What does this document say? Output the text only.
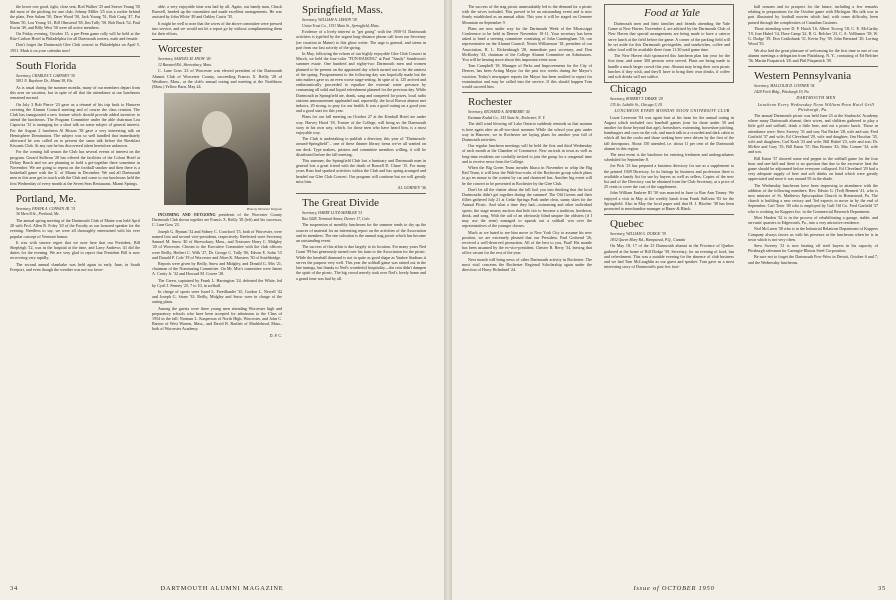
the lower row good, tight, close seat, Rod Walker '25 and Seaver Young '50 did most of the pitching for one club; Johnny Miller '25 was a rookie behind the plate, Pete Salam '50, Dave Wood '50, Jack Young '51, Bob Craig '47, Pat Mann '50, Lou Young '41, Bill Olmstead '38, Jim Tully '50, Bob Buck '52, Paul Erwin '49, and Billy West '50 were all active members.

On Friday evening, October 15, a pre-Penn game rally will be held at the Ritz-Carlton Hotel in Philadelphia for all Dartmouth rooters, male and female.

Don't forget the Dartmouth Glee Club concert in Philadelphia on April 5, 1951. Mark it on your calendar now!

South Florida

Secretary, CHARLES T. GARNSEY '30

5811 N. Bayshore Dr., Miami 38, Fla.

As is usual during the summer months, many of our members depart from this area on vacation, but in spite of all that the attendance at our luncheons remained normal.

On July 3 Bob Pierce '23 gave us a résumé of his trip back to Hanover covering the Alumni Council meeting and of course the class reunion. The Club has inaugurated a new feature which should provide added incentive to attend the luncheons. The Program Committee under the able chairman Lou Capoccia '31 is arranging for a short talk on some subject of general interest. For the August 2 luncheon Al Bisson '38 gave a very interesting talk on Hemisphere Domination. The subject was so well handled that immediately afterward he was called on to present the same talk before the Breakfast Kiwanis Club. At any rate he has discovered talent heretofore unknown.

For the coming fall season the Club has several events of interest on the program. Gerard Sullivan '28 has offered the facilities of the Coloni Hotel at Delray Beach and we are planning to hold a get-together there sometime in November. We are going to repeat on the football smoker and then there is a basketball game with the U. of Miami in December. We and all Dartmouth men in this area get in touch with the Club and come to our luncheons held the first Wednesday of every month at the Seven Seas Restaurant, Miami Springs.

Portland, Me.

Secretary, FRANK A. CONWIN JR. '31

36 Merrill St., Portland, Me.

The annual spring meeting of the Dartmouth Club of Maine was held April 28 with Prof. Allen R. Foley '20 of the Faculty as our honored speaker for the evening. Needless to say, we were all thoroughly entertained with his ever popular concept of Vermont humor.

It was with sincere regret that we note here that our President, Bill Shepleigh '12, was in the hospital at the time, and Larry Andrews '41 did the duties for the evening. We are very glad to report that President Bill is now recovering very rapidly.

The second annual clambake was held again in early June, in South Freeport, and even though the weather was not too favor-

able, a very enjoyable time was had by all. Again, our handy man, Chuck Burwell, headed up the committee and made excellent arrangements. He was assisted by John White '49 and Oakley Curtis '35.

It might be well to note that the wives of the above committee were pressed into service, and we would not let a report go by without complimenting them for their efforts.

Worcester

Secretary, SAMUEL M. SNOW '40

12 Barnard Rd., Shrewsbury, Mass.

C. Lane Goss '23 of Worcester was elected president of the Dartmouth Alumni Club of Worcester County, succeeding Francis X. Reilly '28 of Westboro, Mass., at the club's annual outing and meeting at the Northboro (Mass.) Yellow Barn, May 24.

Photo by Worcester Telegram

INCOMING AND OUTGOING presidents of the Worcester County Dartmouth Club shown together are Francis X. Reilly '28 (left) and his successor, C. Lane Goss '23.

Joseph G. Bynum '32 and Sidney C. Crawford '15, both of Worcester, were named first and second vice-presidents, respectively. Reelected were Secretary Samuel M. Snow '40 of Shrewsbury, Mass., and Treasurer Harry C. Midgley '20 of Worcester. Chosen to the Executive Committee with the club officers were Reilly, Herbert C. Wilk '27, Dr. George C. Tully '06, Edwin E. Sohn '15 and Donald P. Cole '19 of Worcester and Alton K. Marsters '30 of Southbridge.

Reports were given by Reilly, Snow and Midgley, and Donald G. Mix '21, chairman of the Nominating Committee. On Mr. Mix's committee were James A. Crotty Jr. '32 and Howard M. Cowee '28.

The Green, captained by Frank L. Harrington '24, defeated the White, led by Cyril J. Penney '25, 7 to 10, in softball.

In charge of sports were Israel L. Freedlander '35, Gordon L. Newell '42 and Joseph G. Stone '33. Reilly, Midgley and Snow were in charge of the outing plans.

Among the guests were three young men attending Worcester high and preparatory schools who have been accepted for admission to the Class of 1954 in the fall: Norman L. Kasperson of North High, Worcester, and John C. Barron of West Warren, Mass., and David B. Bartlett of Marblehead, Mass., both of Worcester Academy.

D. P. C.

Springfield, Mass.

Secretary, WILLIAM A. LEHON '38

Union Trust Co., 1351 Main St., Springfield, Mass.

Evidence of a lively interest to "get going" with the 1950-51 Dartmouth activities is typified by the urgent long-distance phone call from our Secretary (on vacation in Maine) to this ghost writer. The urge is general, and stems in part from our fast activity of the spring.

In May, following the echoes of our highly enjoyable Glee Club Concert in March, we held the four-color "FUN-RAISING" at Paul "Sandy" Sanderson's summer estate. One hundred and eighty-two Dartmouth men and women planned to be present on the appointed day which turned out to be the rainiest of the spring. Postponement to the following day was hopefully made but the rain makers gave us an even worse stage-setting. In spite of it, 125 arrived and enthusiastically proceeded to equalize the external water pressure by consuming all solid and liquid refreshment planned for the previous day. While Dartmouth in Springfield ate, drank, sang and competed for prizes, local radio stations announcement applauded and, reportedly, the local Brown alumni met indoors, 29 strong, to pray for our health. It was a good outing on a good year and a good start for this year.

Plans for our fall meeting on October 27 at the Kimball Hotel are under way. Harvey Hood '18, Trustee of the College, will bring us the Dartmouth story in his own way, which, for those men who have heard him, is a most enjoyable way.

The Club is undertaking to publish a directory this year of "Dartmouth-around-Springfield"... one of these thinner library items we've all wanted on our desk. Type makers, printers and committee members willing, it will be distributed before the fall meeting.

This summer, the Springfield Club lost a luminary and Dartmouth men in general lost a great friend with the death of Russell D. Chase '15. For many years Russ had sparked activities within the Club and has spring arranged and headed our Glee Club Concert. Our program will continue but we will greatly miss him.

AL GORNEY '36

The Great Divide

Secretary, HARRY LUTZ-SEEBLER '31

Box 5428, Terminal Annex, Denver 17, Colo.

The suspension of monthly luncheons for the summer tends to dry up the sources of material for an interesting report on the activities of the Association and its members. The one salvation is the annual stag picnic which has become an outstanding event.

The success of this affair is due largely to its location. For many years Ned Grant '99 has generously turned over his farm to the Association for the picnic. While the baseball diamond is not in quite as good shape as Yankee Stadium it serves the purpose very well. This year the softball game was rained out in the late innings, but thanks to Ned's wonderful hospitality—the rain didn't dampen the spirit of the picnic. The big crowd merely took over Ned's lovely home and a grand time was had by all.

34	DARTMOUTH ALUMNI MAGAZINE

The success of the stag picnic unmistakably led to the demand for a picnic with the wives included. This proved to be an outstanding event and is now firmly established as an annual affair. This year it will be staged on Genesee Mountain on September 9.

Plans are now under way for the Dartmouth Week of the Mississippi Conference to be held in Denver November 10-11. Your secretary has been asked to head a steering committee consisting of John Cunningham '16, our representative on the Alumni Council, Norris Williamson '18, president of our Association, R. L. Rickenbaugh '28, immediate past secretary, and Don McKinley '43, chairman of the College Alumni Committee on Admissions. You will be hearing more about this important event soon.

Tom Campbell '18, Manager of Parks and Improvements for the City of Denver, has been Acting Mayor for the past two weeks during the Mayor's vacation. Today's newspaper reports the Mayor has been notified to report for examination and may be called into the service. If this should happen Tom would succeed him.

Rochester

Secretary, RICHARD A. MAYBERRY '44

Eastman Kodak Co., 343 State St., Rochester, N. Y.

The shill wind blowing off Lake Ontario suddenly reminds us that autumn is here again after an all-too-short summer. While the school year gets under way in Hanover, we in Rochester are laying plans for another year full of Dartmouth activities.

Our regular luncheon meetings will be held the first and third Wednesday of each month at the Chamber of Commerce. New arrivals in town as well as long-time residents are cordially invited to join the group for a congenial time and to receive news from the College.

When the Big Green Team invades Ithaca in November to whip the Big Red Team, it will hear the Wah-hoo-wahs of the Rochester group which plans to go en masse to the contest by car and chartered bus. Another big event will be the concert to be presented in Rochester by the Glee Club.

Don't let all the chatter about the fall fool you into thinking that the local Dartmouths didn't get together during the summer! The Old Greens and their fillies gathered July 21 at Cedar Springs Park under clear, sunny skies for the Annual Picnic. And what a time they had—swimming and other individual sports, the stage money auction that bids fair to become a tradition, hoedown, drink, and song. With the aid of an obviously blind umpire the oldsters (if I may use the term) managed to squeak out a softball win over the representatives of the younger classes.

Much as we hated to see him move to New York City to assume his new position, we are extremely pleased that our President, Paul Godsend '26, received a well-deserved promotion. All of the best to you, Paul! His mantle has been assumed by the ex-vice-president, Chester R. Berry '34, leaving that office vacant for the rest of the year.

Next month will bring news of other Dartmouth activity in Rochester. The most vital concerns the Rochester Regional Scholarship again under the direction of Harry Holmlund '24.

Food at Yale

Dartmouth men and their families and friends attending the Yale Game at New Haven, November 4, are advised by the Dartmouth Club of New Haven that special arrangements are being made to have a cateror serve lunch at the field before the game. A corner of the parking field will be set aside for this Dartmouth get-together, and sandwiches, coffee and other food will be available there from 11:30 until game time.

The New Haven club sponsored this luncheon plan last year for the first time, and some 300 persons were served. Plans are being made to handle a much larger crowd this year. Alumni may bring their own picnic lunches if they wish, and they'll have to bring their own drinks, if coffee and soft drinks will not suffice.

Chicago

Secretary, ROBERT T. DRAKE '29

135 So. LaSalle St., Chicago 3, Ill.

LUNCHEON EVERY MONDAY NOON UNIVERSITY CLUB

Louie Leverone '04 was again host at his farm for the annual outing in August which included two baseball games (one for those under 30 and another for those beyond that age), horseshoes, swimming, horseshoe pitching, hamburgers and corn on the cob, and much talk in a crowded and dark cabin to which all hat the cooks and those seeking beer were driven by the first of the fall downpours. About 150 attended, i.e. about 11 per cent of the Dartmouth alumni in this region.

The next event is the luncheon for entering freshmen and undergraduates scheduled for September 8.

Joe Pick '23 has prepared a business directory for use as a supplement to the printed 1949 Directory. In its listings by business and profession there is available a handy list for use by buyers as well as sellers. Copies of the new list and of the Directory can be obtained from the Club Secretary, at a price of 25 cents to cover the cost of the supplement.

John William Embree III '30 was married in June to Rue Ann Tinney. We enjoyed a visit in May at the weekly lunch from Frank Sullivan '03 for the Springfield. Also in May the local paper said that H. J. Blocher '38 has been promoted to merchandise manager at Bauer & Black.

Quebec

Secretary, WILLIAM G. DODGE '39

1832 Queen Mary Rd., Hampstead, P.Q., Canada

On May 18, 17 of the 23 Dartmouth alumni in the Province of Quebec gathered at the home of Bill Dodge '39, Secretary, for an evening of food, fun and refreshment. This was a notable evening for the absence of club business and we had Tom McLaughlin as our guest and speaker. Tom gave us a most interesting story of Dartmouth's past few foot-

ball seasons and its prospect for the future, including a few remarks relating to preparations for the October game with Michigan. His talk was in part illustrated by football movies which had, with some difficulty, been passed through the complexities of Canadian Customs.

Those attending were D. P. Hatch '16, Albert Trovog '18, C. E. McCarthy '19, Jose Hubel '14, Dave Camp '22, R. G. Belcher '23, C. A. Vollhsmer '39, W. G. Dodge '39, Don Cruikshank '31, Kevin Fay '39, John Bertrand '20, Lorimg Wood '35.

We also had the great pleasure of welcoming for the first time to one of our alumni meetings a delegation from Plattsburg, N. Y., consisting of Ed Belcher '36, Martin Fitzpatrick '28, and Phil Fitzpatrick '39.

Western Pennsylvania

Secretary, MALCOLM D. CONNER '34

1428 Frick Bldg., Pittsburgh 19, Pa.

DARTMOUTH MEN

Luncheon Every Wednesday Noon William Penn Hotel Grill Pittsburgh, Pa.

The annual Dartmouth picnic was held June 23 at the Starbucks' Academy where many Dartmouth alumni, their wives, and children gathered to play a little golf and softball, drink a little beer, and eat a picnic lunch. Those in attendance were: Stew Sweezy '31 and son; Nat Parker '28, wife and son; Fred Garfield '37 and wife; Ed Cleveland '29, wife and daughter; Jim Hoschar '35, wife and daughters; Carl Kraft '23 and wife; Bill Hubel '23, wife and son; Dr. McKee and Gary '35; Bill Eaton '37; Bus Bonner '43; Mac Conner '34, wife and son.

Bill Eaton '37 showed some real pepper in the softball game for the four hour and one-half and there is no question that due to the excessive heat the game should be adjourned before everyone collapsed. Ed Cleveland '29 had a very adequate supply of beer and soft drinks on hand which were greatly appreciated and since it was around 95 in the shade.

The Wednesday luncheons have been improving in attendance with the addition of the following members: Rev. Edwin G. (Ted) Bennett '41, who is now minister of St. Matthews Episcopalian Church in Homestead, Pa. The church is building a new rectory and Ted expects to move in by the end of September. Carl Treer '49 who is employed by Gulf Oil Co. Fred Garfield '37 who is working for Koppers Inc. in the Commercial Research Department.

Mort Harden '32 is in the process of rehabilitating a garage, stable, and servants' quarters in Edgeworth, Pa., into a very attractive residence.

Ned McLaren '38 who is in the Industrial Relations Department of Koppers Company always favors us with his presence at the luncheons when he is in town which is not very often.

Stew Sweezy '31 is now heating off steel buyers in his capacity of Pittsburgh salesman for Carnegie-Illinois Steel Corporation.

Be sure not to forget the Dartmouth Pow-Wow in Detroit, October 6 and 7, and the Wednesday luncheons.

Issue of OCTOBER 1950	35
